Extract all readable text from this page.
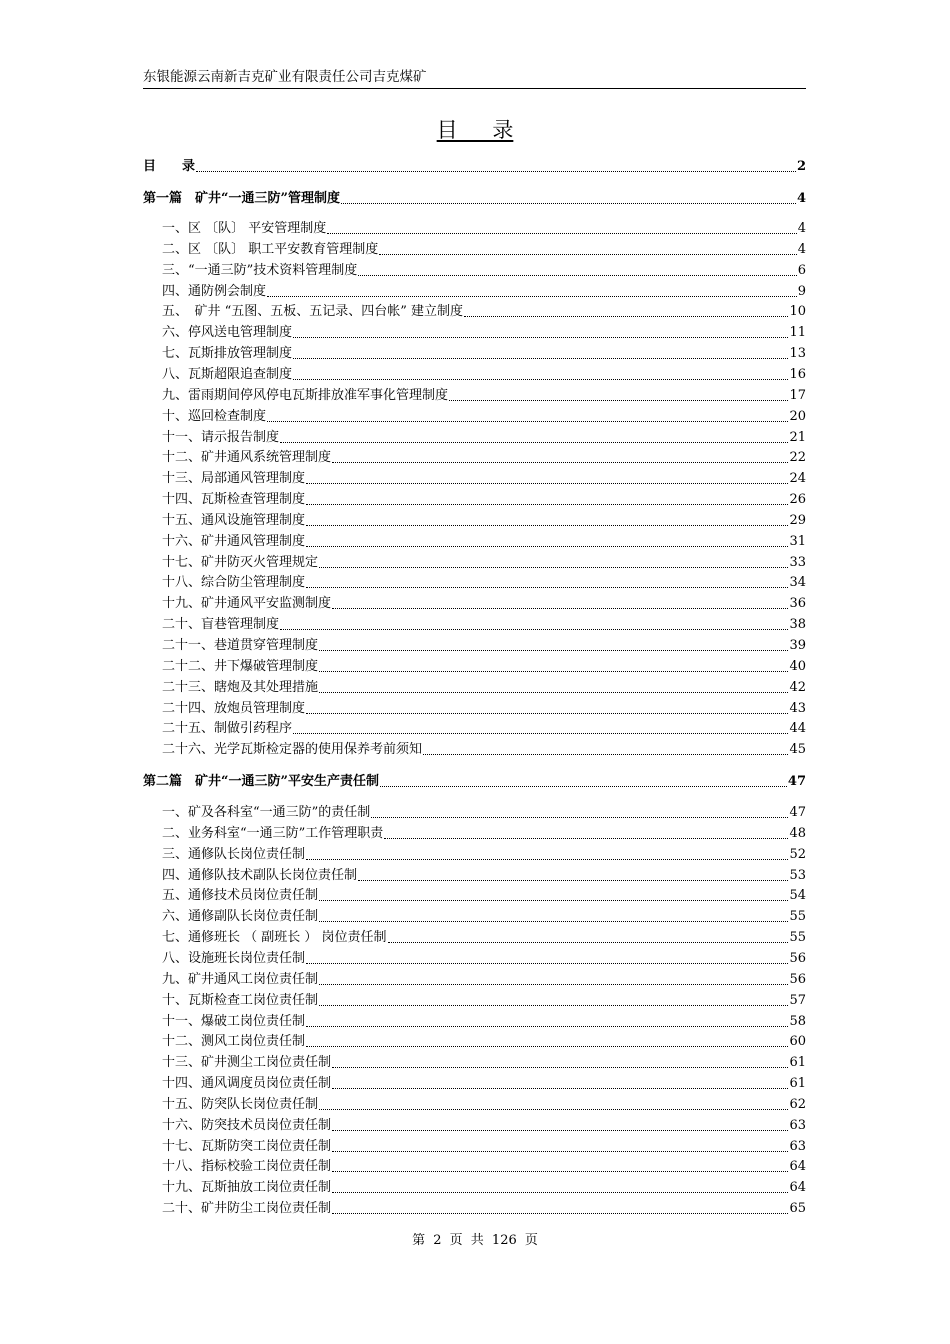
东银能源云南新吉克矿业有限责任公司吉克煤矿
目 录
目　　录	2
第一篇　矿井“一通三防”管理制度	4
一、区 〔队〕 平安管理制度	4
二、区 〔队〕 职工平安教育管理制度	4
三、“一通三防”技术资料管理制度	6
四、通防例会制度	9
五、　矿井 “五图、五板、五记录、四台帐” 建立制度	10
六、停风送电管理制度	11
七、瓦斯排放管理制度	13
八、瓦斯超限追查制度	16
九、雷雨期间停风停电瓦斯排放准军事化管理制度	17
十、巡回检查制度	20
十一、请示报告制度	21
十二、矿井通风系统管理制度	22
十三、局部通风管理制度	24
十四、瓦斯检查管理制度	26
十五、通风设施管理制度	29
十六、矿井通风管理制度	31
十七、矿井防灭火管理规定	33
十八、综合防尘管理制度	34
十九、矿井通风平安监测制度	36
二十、盲巷管理制度	38
二十一、巷道贯穿管理制度	39
二十二、井下爆破管理制度	40
二十三、瞎炮及其处理措施	42
二十四、放炮员管理制度	43
二十五、制做引药程序	44
二十六、光学瓦斯检定器的使用保养考前须知	45
第二篇　矿井“一通三防”平安生产责任制	47
一、矿及各科室“一通三防”的责任制	47
二、业务科室“一通三防”工作管理职责	48
三、通修队长岗位责任制	52
四、通修队技术副队长岗位责任制	53
五、通修技术员岗位责任制	54
六、通修副队长岗位责任制	55
七、通修班长 （ 副班长 ） 岗位责任制	55
八、设施班长岗位责任制	56
九、矿井通风工岗位责任制	56
十、瓦斯检查工岗位责任制	57
十一、爆破工岗位责任制	58
十二、测风工岗位责任制	60
十三、矿井测尘工岗位责任制	61
十四、通风调度员岗位责任制	61
十五、防突队长岗位责任制	62
十六、防突技术员岗位责任制	63
十七、瓦斯防突工岗位责任制	63
十八、指标校验工岗位责任制	64
十九、瓦斯抽放工岗位责任制	64
二十、矿井防尘工岗位责任制	65
第 2 页 共 126 页
